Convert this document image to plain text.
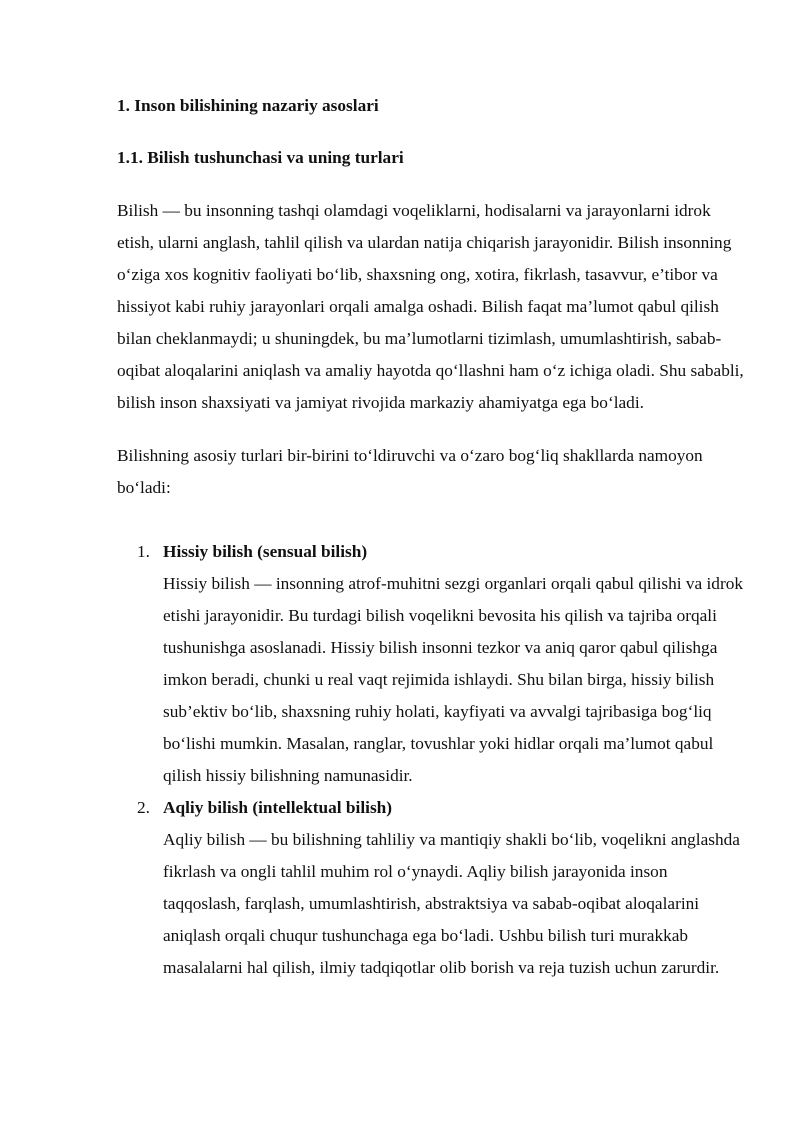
1. Inson bilishining nazariy asoslari

1.1. Bilish tushunchasi va uning turlari

Bilish — bu insonning tashqi olamdagi voqeliklarni, hodisalarni va jarayonlarni idrok etish, ularni anglash, tahlil qilish va ulardan natija chiqarish jarayonidir. Bilish insonning o‘ziga xos kognitiv faoliyati bo‘lib, shaxsning ong, xotira, fikrlash, tasavvur, e’tibor va hissiyot kabi ruhiy jarayonlari orqali amalga oshadi. Bilish faqat ma’lumot qabul qilish bilan cheklanmaydi; u shuningdek, bu ma’lumotlarni tizimlash, umumlashtirish, sabab-oqibat aloqalarini aniqlash va amaliy hayotda qo‘llashni ham o‘z ichiga oladi. Shu sababli, bilish inson shaxsiyati va jamiyat rivojida markaziy ahamiyatga ega bo‘ladi.

Bilishning asosiy turlari bir-birini to‘ldiruvchi va o‘zaro bog‘liq shakllarda namoyon bo‘ladi:

1. Hissiy bilish (sensual bilish)
Hissiy bilish — insonning atrof-muhitni sezgi organlari orqali qabul qilishi va idrok etishi jarayonidir. Bu turdagi bilish voqelikni bevosita his qilish va tajriba orqali tushunishga asoslanadi. Hissiy bilish insonni tezkor va aniq qaror qabul qilishga imkon beradi, chunki u real vaqt rejimida ishlaydi. Shu bilan birga, hissiy bilish sub’ektiv bo‘lib, shaxsning ruhiy holati, kayfiyati va avvalgi tajribasiga bog‘liq bo‘lishi mumkin. Masalan, ranglar, tovushlar yoki hidlar orqali ma’lumot qabul qilish hissiy bilishning namunasidir.
2. Aqliy bilish (intellektual bilish)
Aqliy bilish — bu bilishning tahliliy va mantiqiy shakli bo‘lib, voqelikni anglashda fikrlash va ongli tahlil muhim rol o‘ynaydi. Aqliy bilish jarayonida inson taqqoslash, farqlash, umumlashtirish, abstraktsiya va sabab-oqibat aloqalarini aniqlash orqali chuqur tushunchaga ega bo‘ladi. Ushbu bilish turi murakkab masalalarni hal qilish, ilmiy tadqiqotlar olib borish va reja tuzish uchun zarurdir.
